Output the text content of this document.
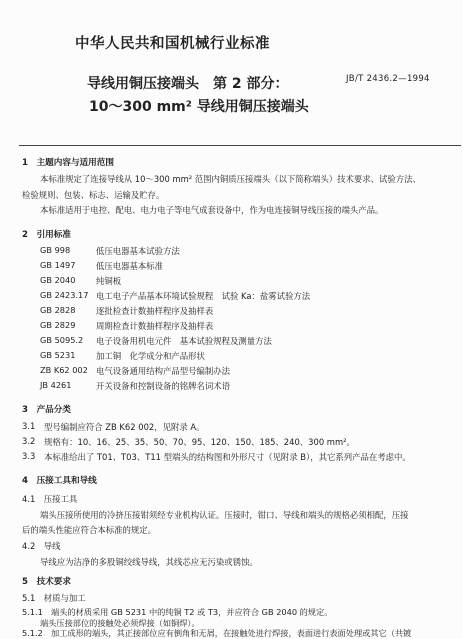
中华人民共和国机械行业标准
导线用铜压接端头　第 2 部分：
10～300 mm² 导线用铜压接端头
JB/T 2436.2—1994
1　主题内容与适用范围
本标准规定了连接导线从 10～300 mm² 范围内铜质压接端头（以下简称端头）技术要求、试验方法、
检验规则、包装、标志、运输及贮存。
本标准适用于电控、配电、电力电子等电气成套设备中，作为电连接铜导线压接的端头产品。
2　引用标准
GB 998	低压电器基本试验方法
GB 1497 低压电器基本标准
GB 2040 纯铜板
GB 2423.17 电工电子产品基本环境试验规程　试验 Ka：盐雾试验方法
GB 2828 逐批检查计数抽样程序及抽样表
GB 2829 周期检查计数抽样程序及抽样表
GB 5095.2 电子设备用机电元件　基本试验规程及测量方法
GB 5231 加工铜　化学成分和产品形状
ZB K62 002 电气设备通用结构产品型号编制办法
JB 4261	开关设备和控制设备的铭牌名词术语
3　产品分类
3.1 型号编制应符合 ZB K62 002，见附录 A。
3.2 规格有：10、16、25、35、50、70、95、120、150、185、240、300 mm²。
3.3 本标准给出了 T01、T03、T11 型端头的结构图和外形尺寸（见附录 B），其它系列产品在考虑中。
4　压接工具和导线
4.1　压接工具
端头压接所使用的冷挤压接钳须经专业机构认证。压接时，钳口、导线和端头的规格必须相配，压接
后的端头性能应符合本标准的规定。
4.2　导线
导线应为洁净的多股铜绞线导线，其线芯应无污染或锈蚀。
5　技术要求
5.1　材质与加工
5.1.1　端头的材质采用 GB 5231 中的纯铜 T2 或 T3，并应符合 GB 2040 的规定。
端头压接部位的接触处必须焊接（如铜焊）。
5.1.2　加工成形的端头，其正接部位应有倒角和无屑，在接触处进行焊接，表面进行表面处理或其它（共镀
